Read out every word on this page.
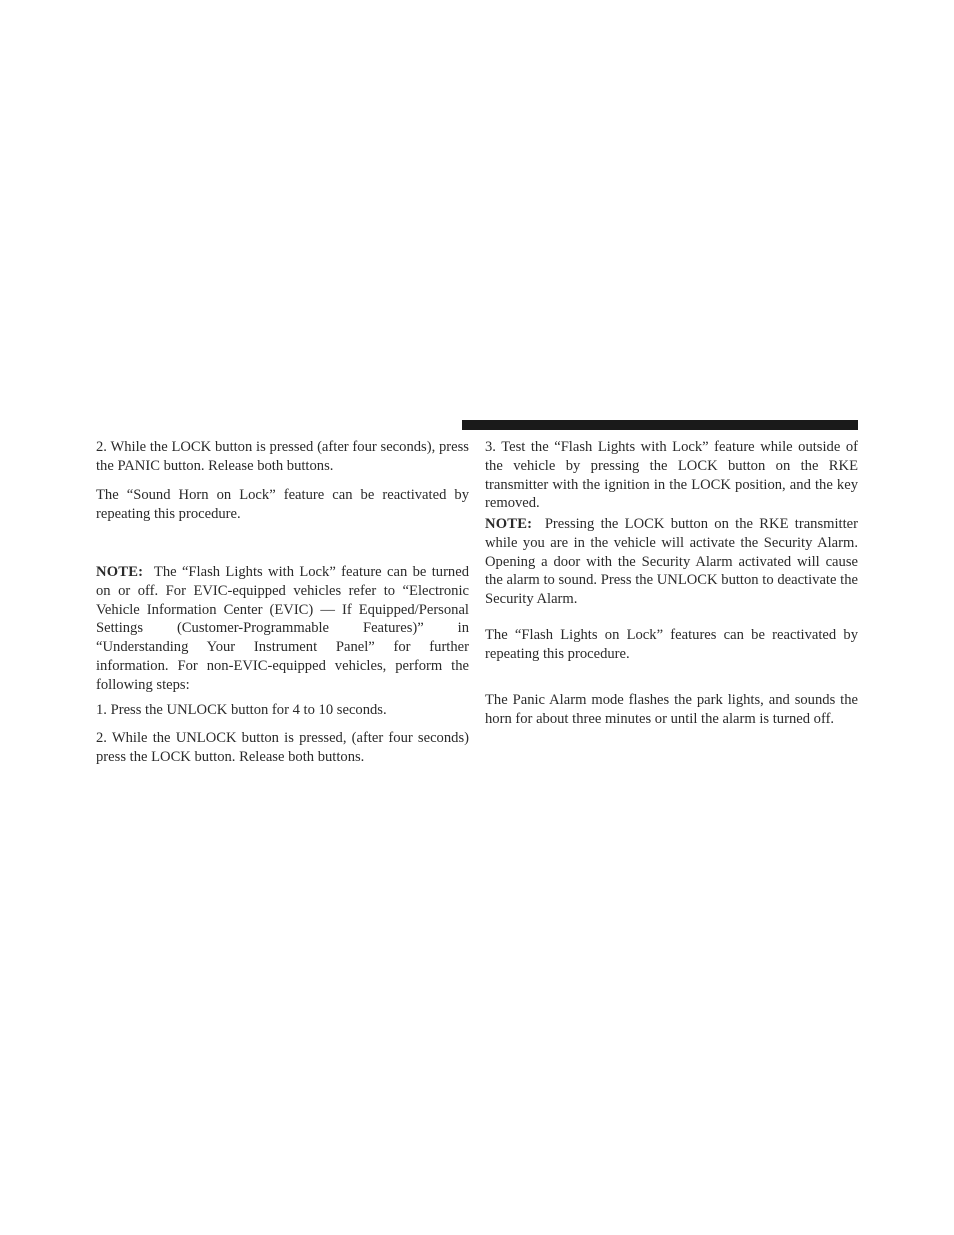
2. While the LOCK button is pressed (after four seconds), press the PANIC button. Release both buttons.

The “Sound Horn on Lock” feature can be reactivated by repeating this procedure.

NOTE: The “Flash Lights with Lock” feature can be turned on or off. For EVIC-equipped vehicles refer to “Electronic Vehicle Information Center (EVIC) — If Equipped/Personal Settings (Customer-Programmable Features)” in “Understanding Your Instrument Panel” for further information. For non-EVIC-equipped vehicles, perform the following steps:

1. Press the UNLOCK button for 4 to 10 seconds.

2. While the UNLOCK button is pressed, (after four seconds) press the LOCK button. Release both buttons.

3. Test the “Flash Lights with Lock” feature while outside of the vehicle by pressing the LOCK button on the RKE transmitter with the ignition in the LOCK position, and the key removed.

NOTE: Pressing the LOCK button on the RKE transmitter while you are in the vehicle will activate the Security Alarm. Opening a door with the Security Alarm activated will cause the alarm to sound. Press the UNLOCK button to deactivate the Security Alarm.

The “Flash Lights on Lock” features can be reactivated by repeating this procedure.

The Panic Alarm mode flashes the park lights, and sounds the horn for about three minutes or until the alarm is turned off.
